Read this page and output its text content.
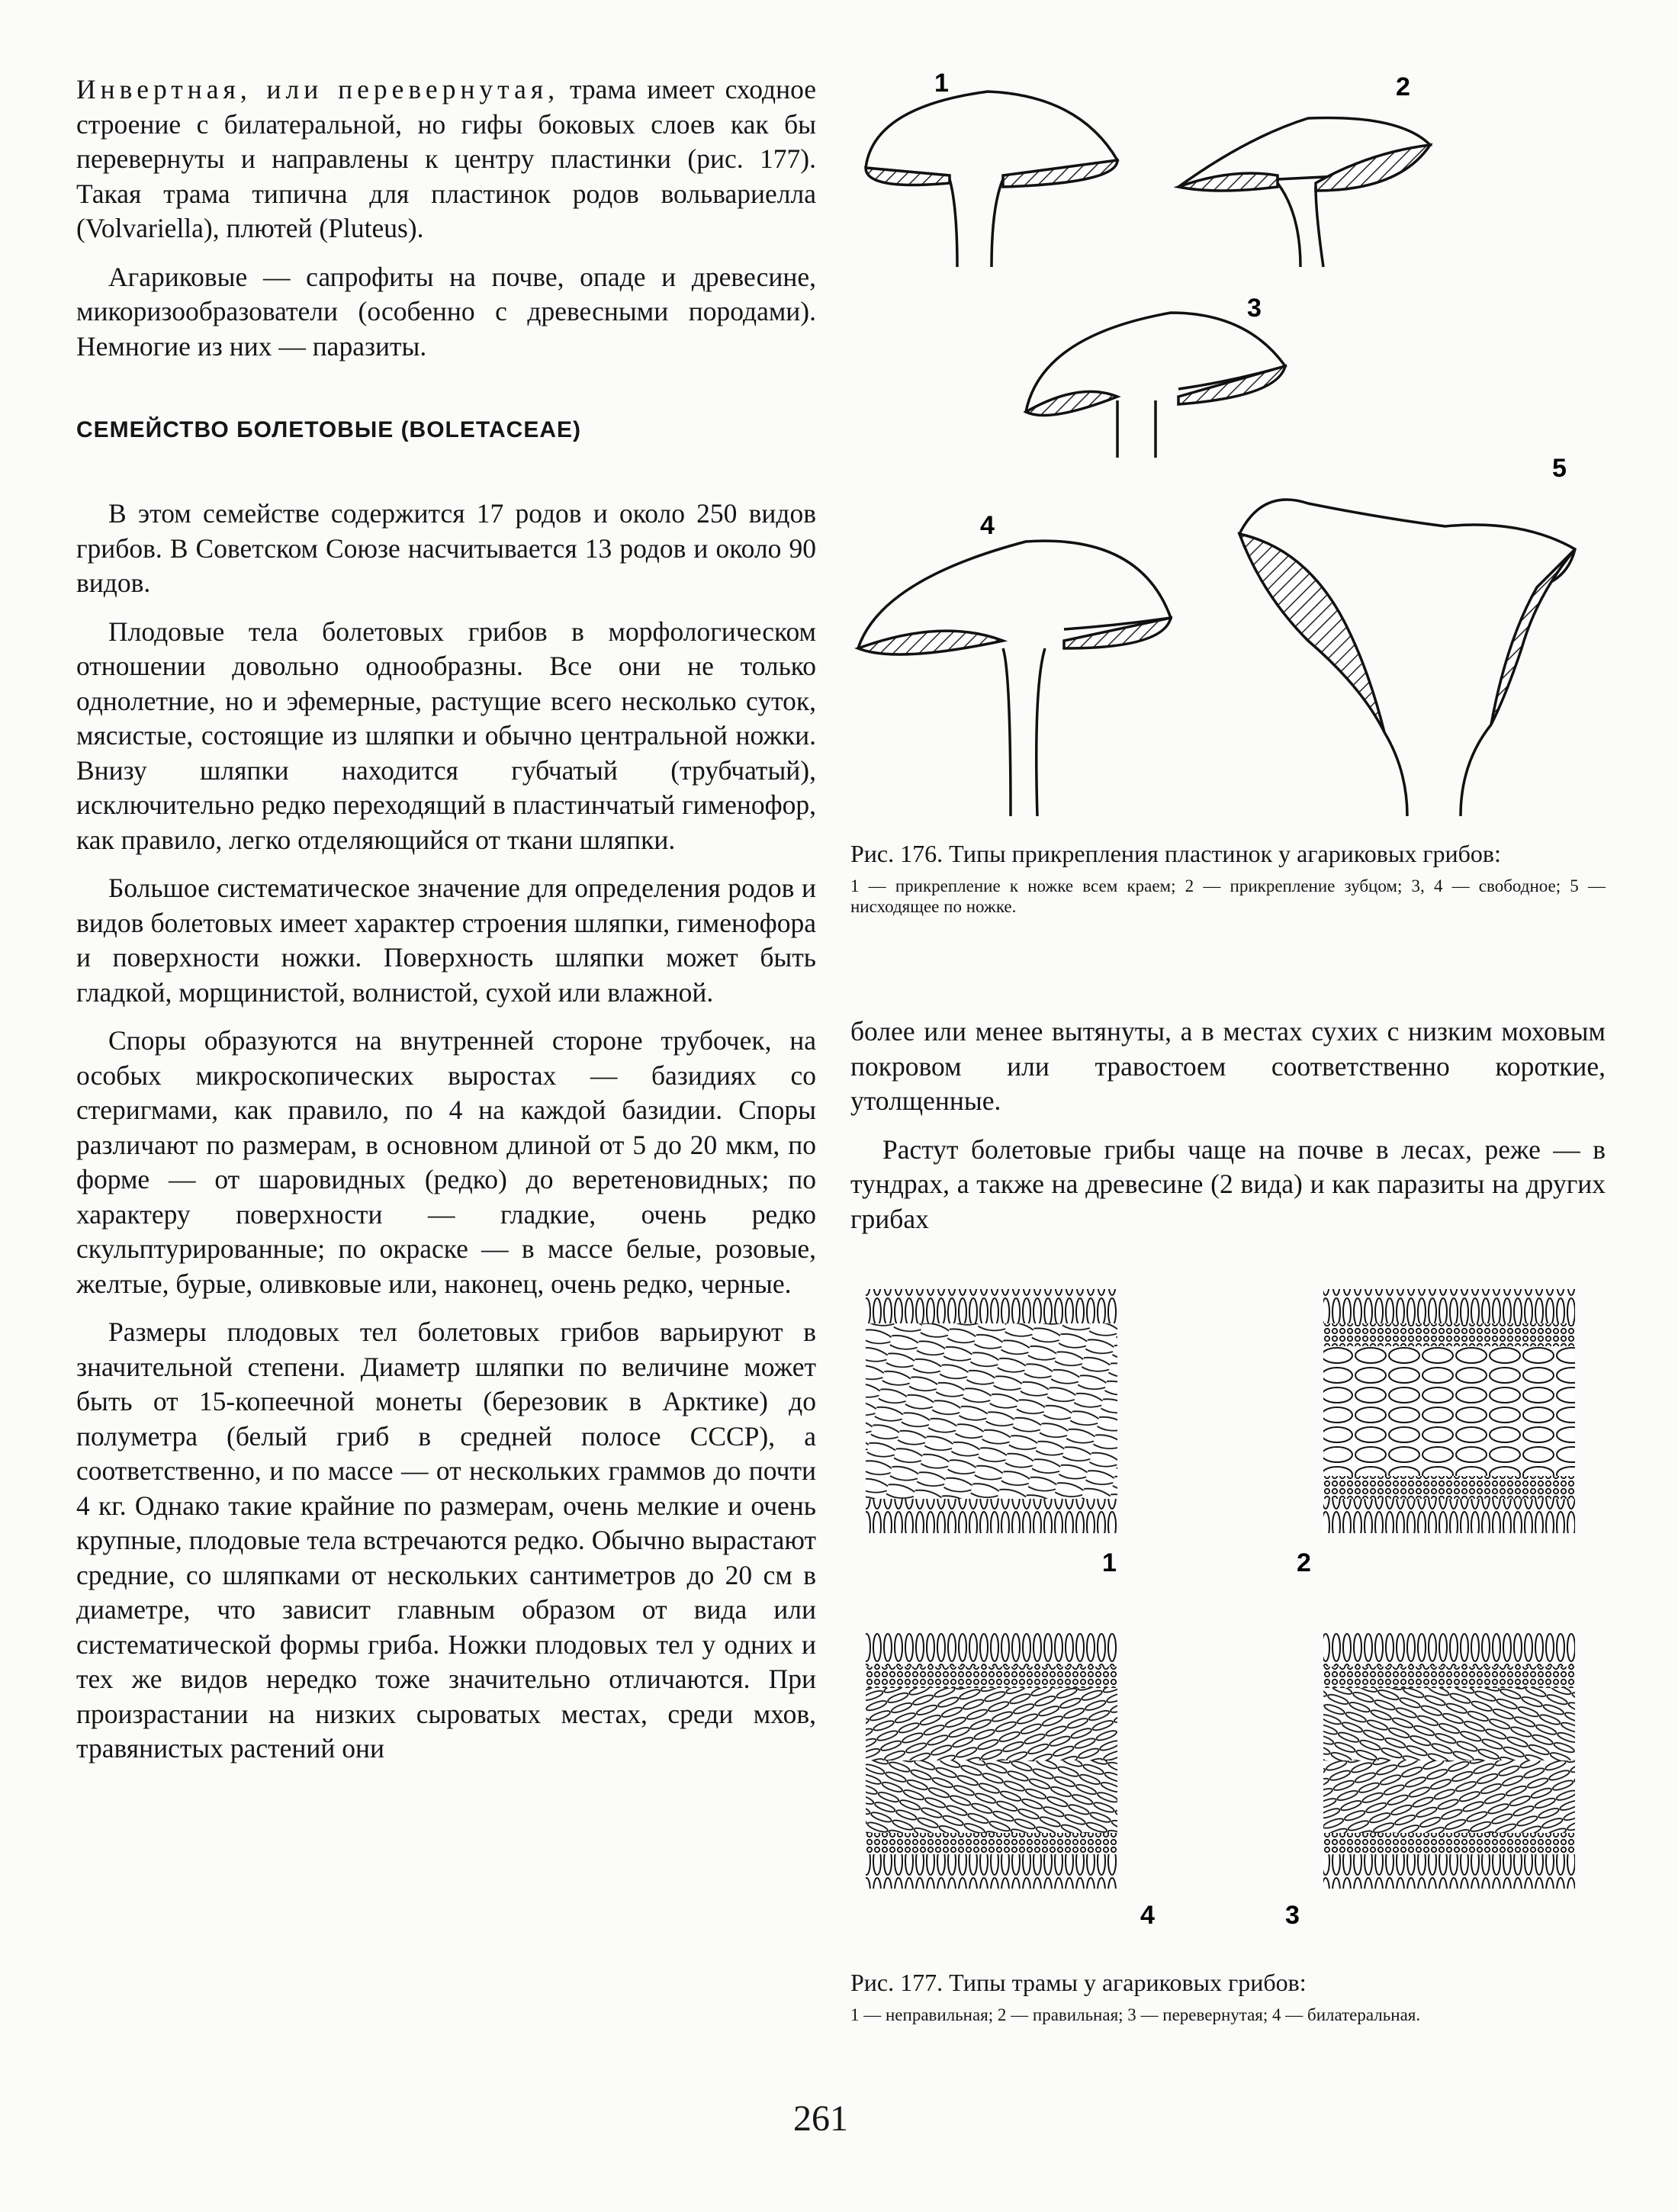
Инвертная, или перевернутая, трама имеет сходное строение с билатеральной, но гифы боковых слоев как бы перевернуты и направлены к центру пластинки (рис. 177). Такая трама типична для пластинок родов вольвариелла (Volvariella), плютей (Pluteus).

Агариковые — сапрофиты на почве, опаде и древесине, микоризообразователи (особенно с древесными породами). Немногие из них — паразиты.

СЕМЕЙСТВО БОЛЕТОВЫЕ (BOLETACEAE)

В этом семействе содержится 17 родов и около 250 видов грибов. В Советском Союзе насчитывается 13 родов и около 90 видов.

Плодовые тела болетовых грибов в морфологическом отношении довольно однообразны. Все они не только однолетние, но и эфемерные, растущие всего несколько суток, мясистые, состоящие из шляпки и обычно центральной ножки. Внизу шляпки находится губчатый (трубчатый), исключительно редко переходящий в пластинчатый гименофор, как правило, легко отделяющийся от ткани шляпки.

Большое систематическое значение для определения родов и видов болетовых имеет характер строения шляпки, гименофора и поверхности ножки. Поверхность шляпки может быть гладкой, морщинистой, волнистой, сухой или влажной.

Споры образуются на внутренней стороне трубочек, на особых микроскопических выростах — базидиях со стеригмами, как правило, по 4 на каждой базидии. Споры различают по размерам, в основном длиной от 5 до 20 мкм, по форме — от шаровидных (редко) до веретеновидных; по характеру поверхности — гладкие, очень редко скульптурированные; по окраске — в массе белые, розовые, желтые, бурые, оливковые или, наконец, очень редко, черные.

Размеры плодовых тел болетовых грибов варьируют в значительной степени. Диаметр шляпки по величине может быть от 15-копеечной монеты (березовик в Арктике) до полуметра (белый гриб в средней полосе СССР), а соответственно, и по массе — от нескольких граммов до почти 4 кг. Однако такие крайние по размерам, очень мелкие и очень крупные, плодовые тела встречаются редко. Обычно вырастают средние, со шляпками от нескольких сантиметров до 20 см в диаметре, что зависит главным образом от вида или систематической формы гриба. Ножки плодовых тел у одних и тех же видов нередко тоже значительно отличаются. При произрастании на низких сыроватых местах, среди мхов, травянистых растений они

1	2
3
4
5

Рис. 176. Типы прикрепления пластинок у агариковых грибов:

1 — прикрепление к ножке всем краем; 2 — прикрепление зубцом; 3, 4 — свободное; 5 — нисходящее по ножке.

более или менее вытянуты, а в местах сухих с низким моховым покровом или травостоем соответственно короткие, утолщенные.

Растут болетовые грибы чаще на почве в лесах, реже — в тундрах, а также на древесине (2 вида) и как паразиты на других грибах

1	2
4	3

Рис. 177. Типы трамы у агариковых грибов:

1 — неправильная; 2 — правильная; 3 — перевернутая; 4 — билатеральная.

261
